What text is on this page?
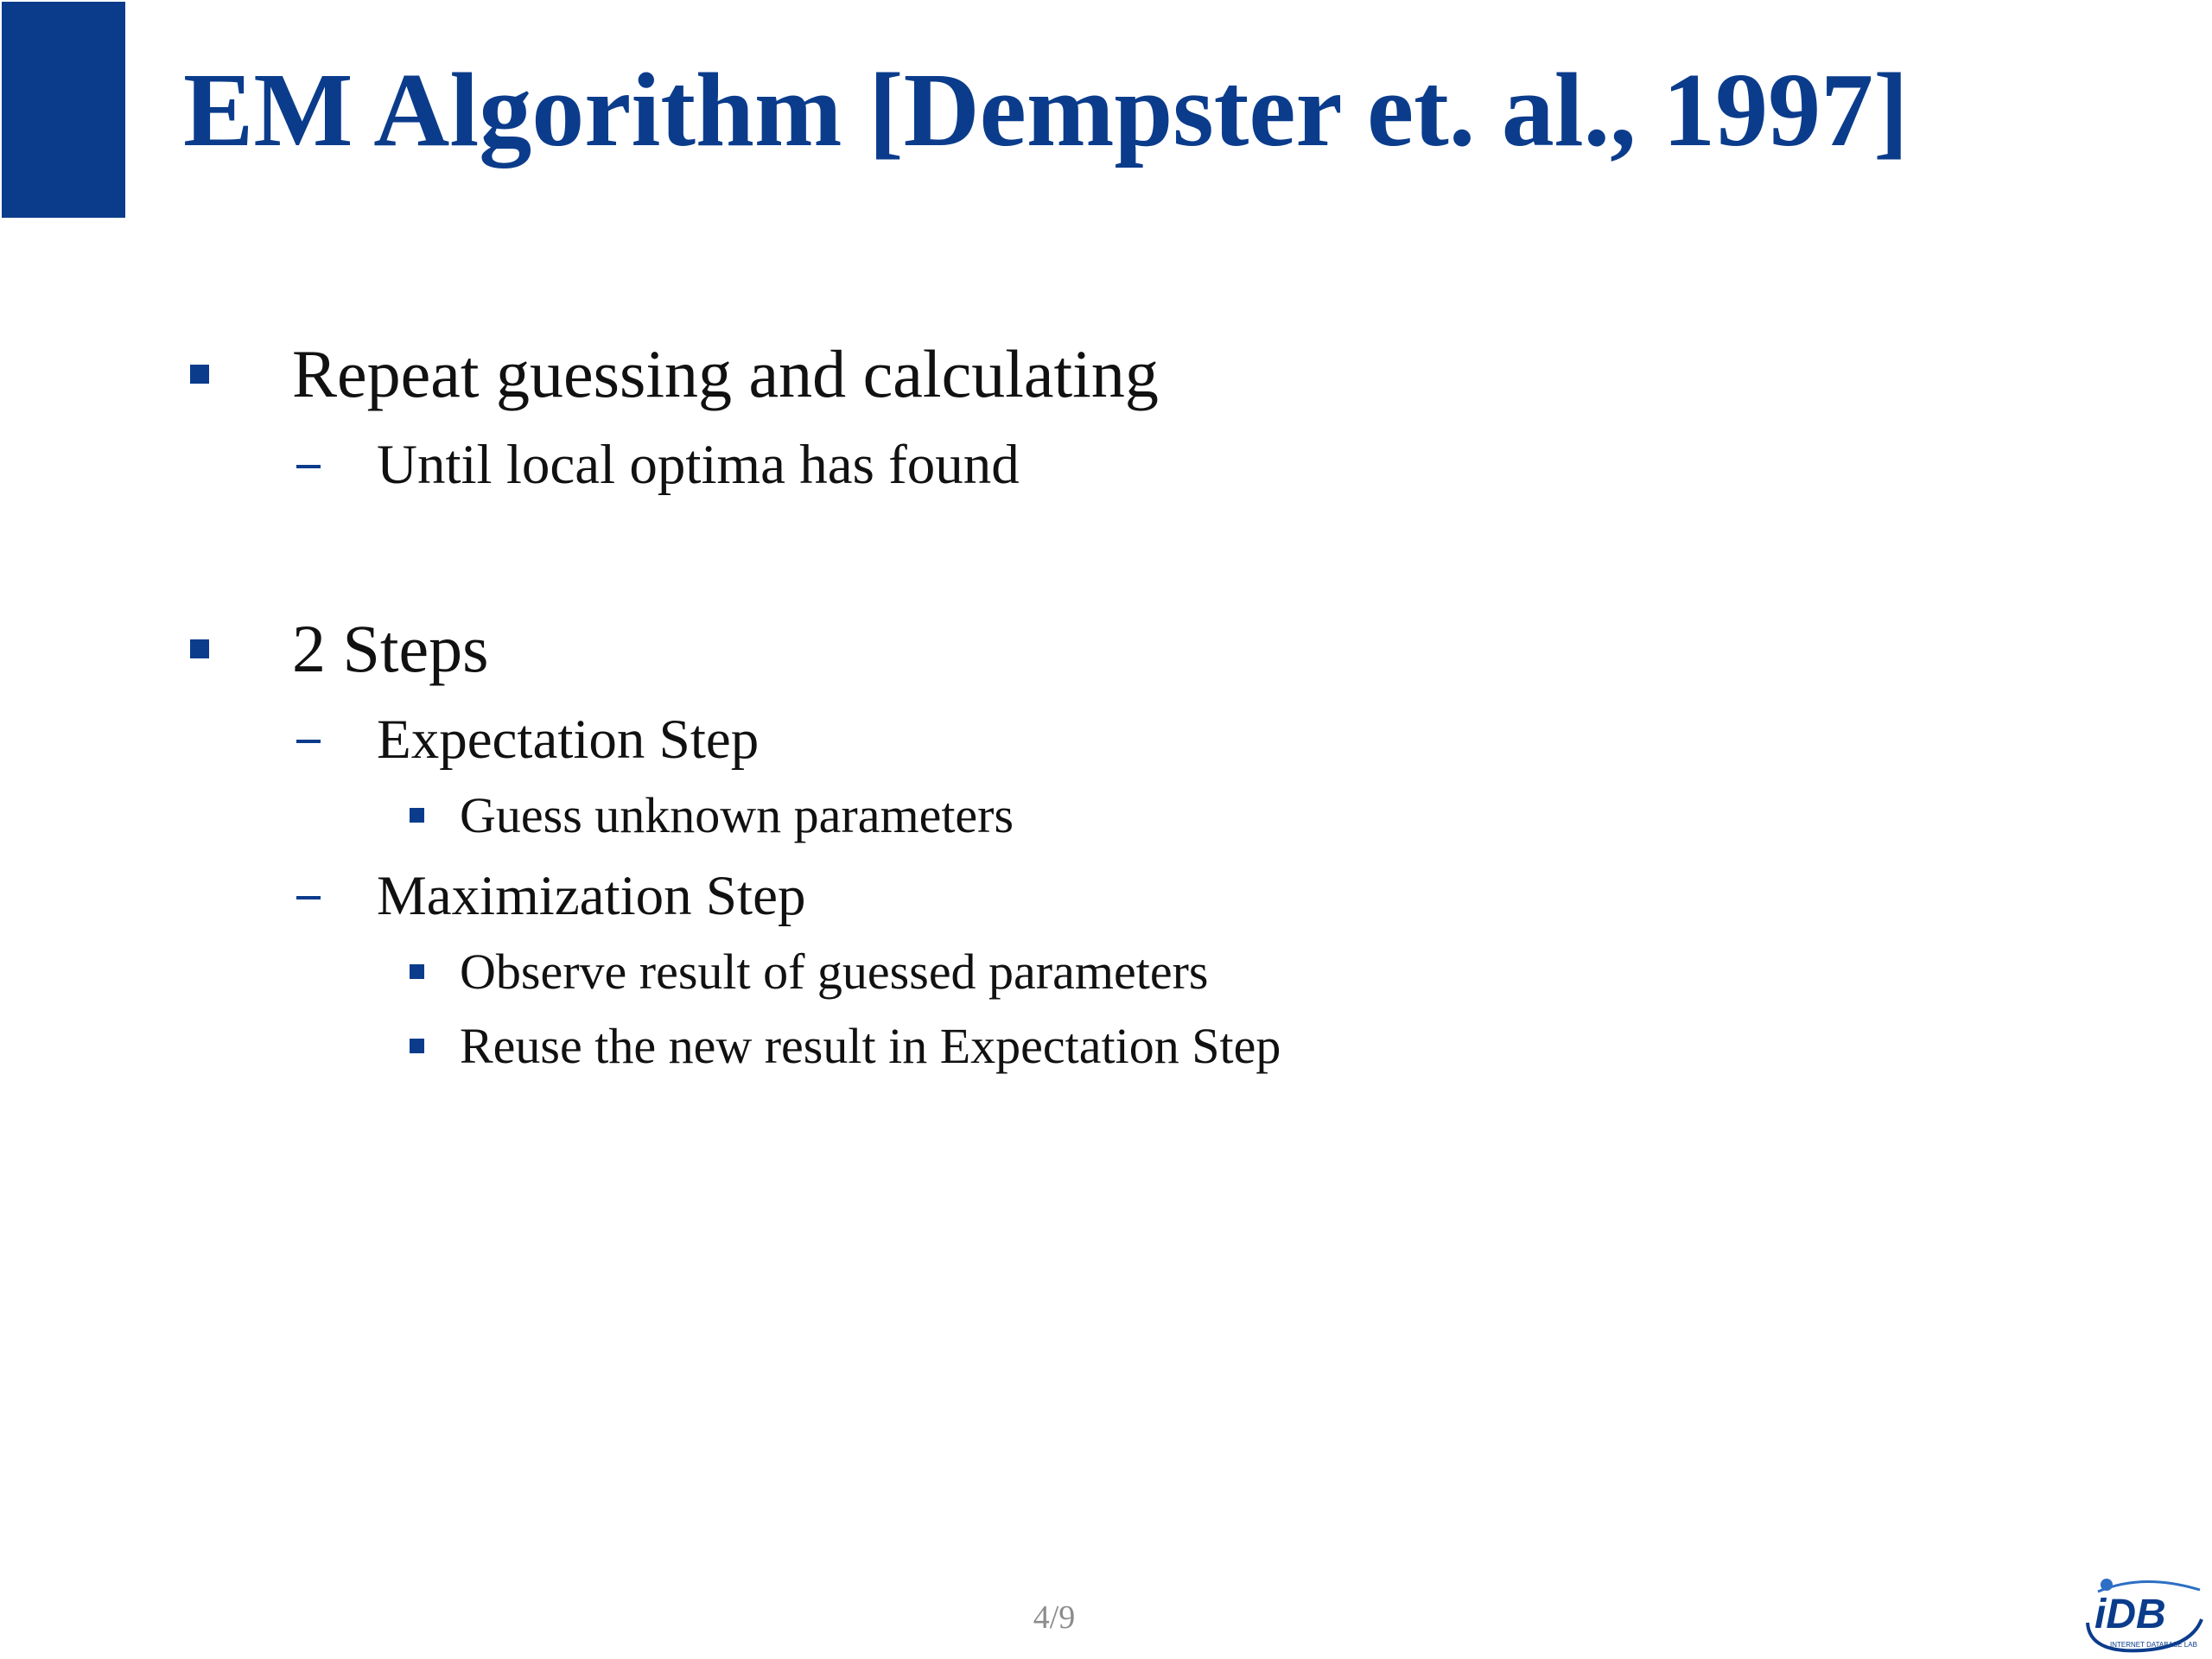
EM Algorithm [Dempster et. al., 1997]
Repeat guessing and calculating
Until local optima has found
2 Steps
Expectation Step
Guess unknown parameters
Maximization Step
Observe result of guessed parameters
Reuse the new result in Expectation Step
4/9	iDB
INTERNET DATABASE LAB
